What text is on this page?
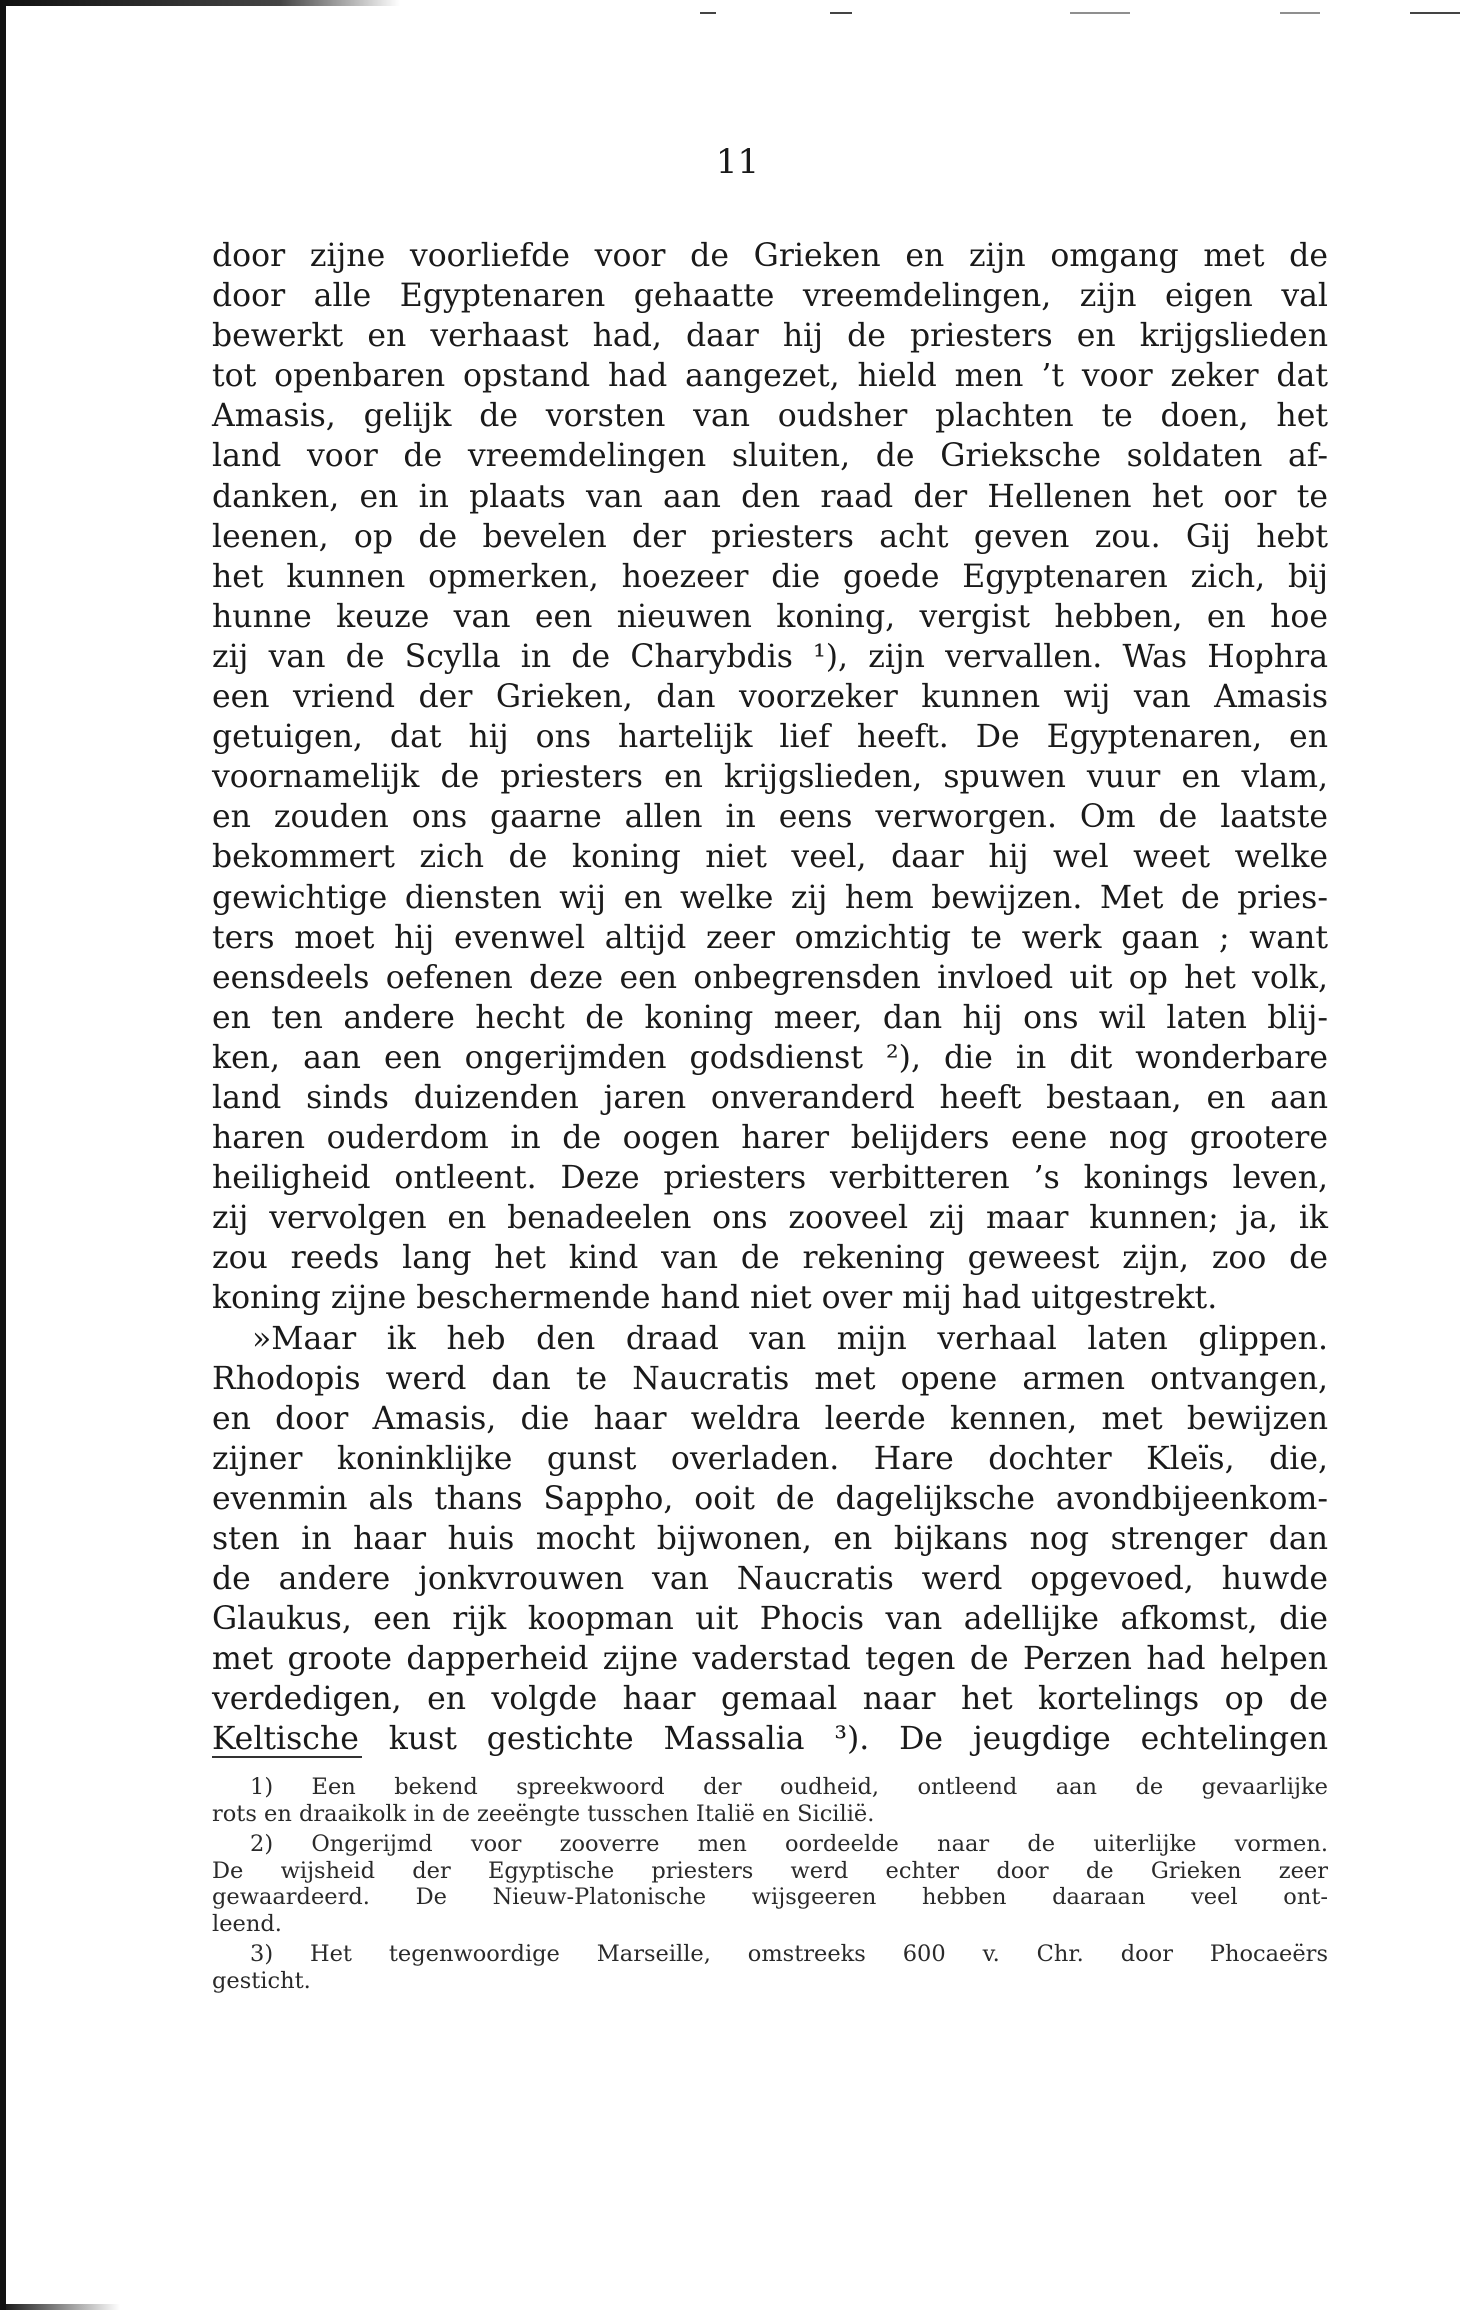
11
door zijne voorliefde voor de Grieken en zijn omgang met de
door alle Egyptenaren gehaatte vreemdelingen, zijn eigen val
bewerkt en verhaast had, daar hij de priesters en krijgslieden
tot openbaren opstand had aangezet, hield men ’t voor zeker dat
Amasis, gelijk de vorsten van oudsher plachten te doen, het
land voor de vreemdelingen sluiten, de Grieksche soldaten af-
danken, en in plaats van aan den raad der Hellenen het oor te
leenen, op de bevelen der priesters acht geven zou. Gij hebt
het kunnen opmerken, hoezeer die goede Egyptenaren zich, bij
hunne keuze van een nieuwen koning, vergist hebben, en hoe
zij van de Scylla in de Charybdis ¹), zijn vervallen. Was Hophra
een vriend der Grieken, dan voorzeker kunnen wij van Amasis
getuigen, dat hij ons hartelijk lief heeft. De Egyptenaren, en
voornamelijk de priesters en krijgslieden, spuwen vuur en vlam,
en zouden ons gaarne allen in eens verworgen. Om de laatste
bekommert zich de koning niet veel, daar hij wel weet welke
gewichtige diensten wij en welke zij hem bewijzen. Met de pries-
ters moet hij evenwel altijd zeer omzichtig te werk gaan ; want
eensdeels oefenen deze een onbegrensden invloed uit op het volk,
en ten andere hecht de koning meer, dan hij ons wil laten blij-
ken, aan een ongerijmden godsdienst ²), die in dit wonderbare
land sinds duizenden jaren onveranderd heeft bestaan, en aan
haren ouderdom in de oogen harer belijders eene nog grootere
heiligheid ontleent. Deze priesters verbitteren ’s konings leven,
zij vervolgen en benadeelen ons zooveel zij maar kunnen; ja, ik
zou reeds lang het kind van de rekening geweest zijn, zoo de
koning zijne beschermende hand niet over mij had uitgestrekt.
»Maar ik heb den draad van mijn verhaal laten glippen.
Rhodopis werd dan te Naucratis met opene armen ontvangen,
en door Amasis, die haar weldra leerde kennen, met bewijzen
zijner koninklijke gunst overladen. Hare dochter Kleïs, die,
evenmin als thans Sappho, ooit de dagelijksche avondbijeenkom-
sten in haar huis mocht bijwonen, en bijkans nog strenger dan
de andere jonkvrouwen van Naucratis werd opgevoed, huwde
Glaukus, een rijk koopman uit Phocis van adellijke afkomst, die
met groote dapperheid zijne vaderstad tegen de Perzen had helpen
verdedigen, en volgde haar gemaal naar het kortelings op de
Keltische kust gestichte Massalia ³). De jeugdige echtelingen
1) Een bekend spreekwoord der oudheid, ontleend aan de gevaarlijke
rots en draaikolk in de zeeëngte tusschen Italië en Sicilië.
2) Ongerijmd voor zooverre men oordeelde naar de uiterlijke vormen.
De wijsheid der Egyptische priesters werd echter door de Grieken zeer
gewaardeerd. De Nieuw-Platonische wijsgeeren hebben daaraan veel ont-
leend.
3) Het tegenwoordige Marseille, omstreeks 600 v. Chr. door Phocaeërs
gesticht.
